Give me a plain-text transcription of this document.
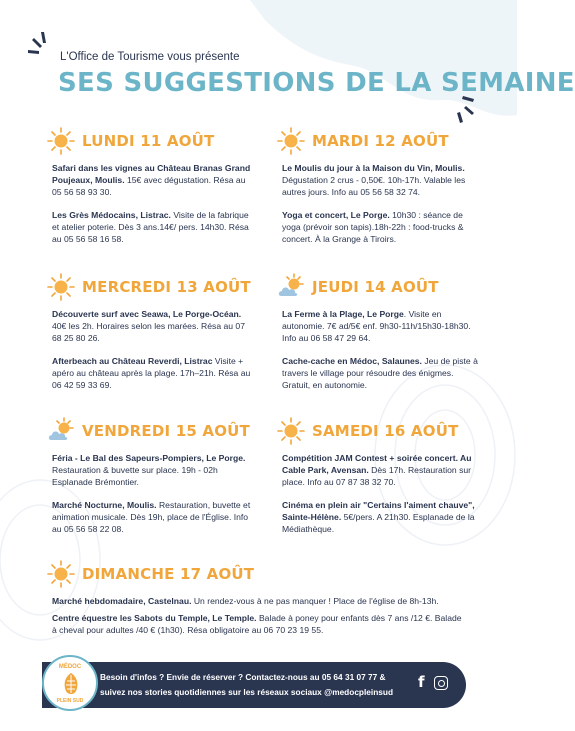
L'Office de Tourisme vous présente
SES SUGGESTIONS DE LA SEMAINE
LUNDI 11 AOÛT
Safari dans les vignes au Château Branas Grand Poujeaux, Moulis. 15€ avec dégustation. Résa au 05 56 58 93 30.
Les Grès Médocains, Listrac. Visite de la fabrique et atelier poterie. Dès 3 ans.14€/ pers. 14h30. Résa au 05 56 58 16 58.
MARDI 12 AOÛT
Le Moulis du jour à la Maison du Vin, Moulis. Dégustation 2 crus - 0,50€. 10h-17h. Valable les autres jours. Info au 05 56 58 32 74.
Yoga et concert, Le Porge. 10h30 : séance de yoga (prévoir son tapis).18h-22h : food-trucks & concert. À la Grange à Tiroirs.
MERCREDI 13 AOÛT
Découverte surf avec Seawa, Le Porge-Océan. 40€ les 2h. Horaires selon les marées. Résa au 07 68 25 80 26.
Afterbeach au Château Reverdi, Listrac Visite + apéro au château après la plage. 17h–21h. Résa au 06 42 59 33 69.
JEUDI 14 AOÛT
La Ferme à la Plage, Le Porge. Visite en autonomie. 7€ ad/5€ enf. 9h30-11h/15h30-18h30. Info au 06 58 47 29 64.
Cache-cache en Médoc, Salaunes. Jeu de piste à travers le village pour résoudre des énigmes. Gratuit, en autonomie.
VENDREDI 15 AOÛT
Féria - Le Bal des Sapeurs-Pompiers, Le Porge. Restauration & buvette sur place. 19h - 02h Esplanade Brémontier.
Marché Nocturne, Moulis. Restauration, buvette et animation musicale. Dès 19h, place de l'Église. Info au 05 56 58 22 08.
SAMEDI 16 AOÛT
Compétition JAM Contest + soirée concert. Au Cable Park, Avensan. Dès 17h. Restauration sur place. Info au 07 87 38 32 70.
Cinéma en plein air "Certains l'aiment chauve", Sainte-Hélène. 5€/pers. A 21h30. Esplanade de la Médiathèque.
DIMANCHE 17 AOÛT
Marché hebdomadaire, Castelnau. Un rendez-vous à ne pas manquer ! Place de l'église de 8h-13h.
Centre équestre les Sabots du Temple, Le Temple. Balade à poney pour enfants dès 7 ans /12 €. Balade à cheval pour adultes /40 € (1h30). Résa obligatoire au 06 70 23 19 55.
Besoin d'infos ? Envie de réserver ? Contactez-nous au 05 64 31 07 77 &
suivez nos stories quotidiennes sur les réseaux sociaux @medocpleinsud
MÉDOC
PLEIN SUD
f
